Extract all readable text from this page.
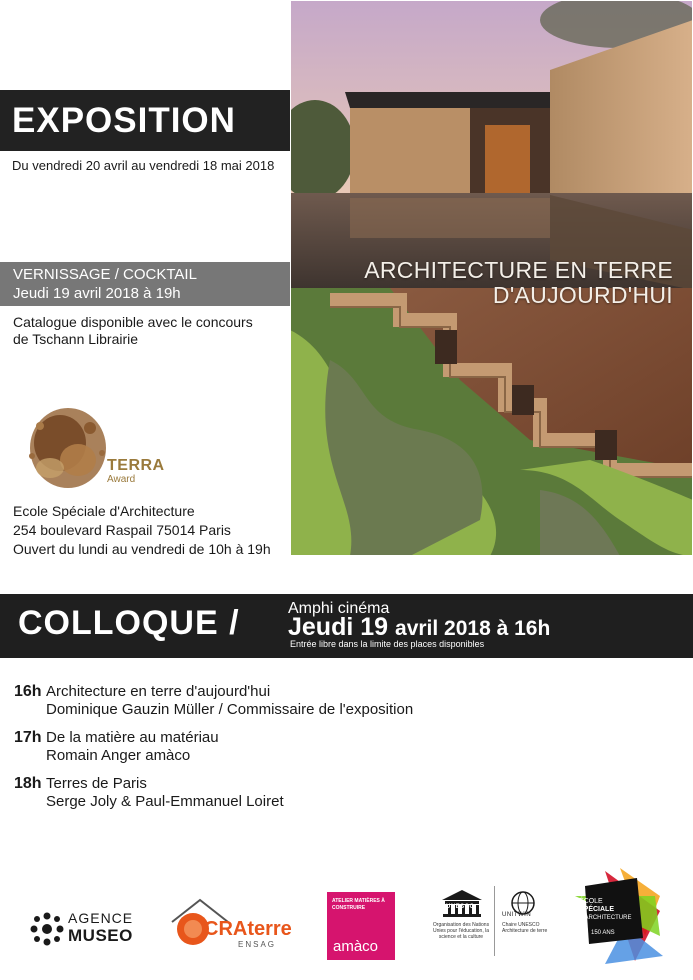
ARCHITECTURE EN TERRE
D'AUJOURD'HUI
EXPOSITION
Du vendredi 20 avril au vendredi 18 mai 2018
VERNISSAGE / COCKTAIL
Jeudi 19 avril 2018 à 19h
Catalogue disponible avec le concours
de Tschann Librairie
TERRA
Award
Ecole Spéciale d'Architecture
254 boulevard Raspail 75014 Paris
Ouvert du lundi au vendredi de 10h à 19h
COLLOQUE /	Amphi cinéma
Jeudi 19 avril 2018 à 16h
Entrée libre dans la limite des places disponibles
16h Architecture en terre d'aujourd'hui
Dominique Gauzin Müller / Commissaire de l'exposition
17h De la matière au matériau
Romain Anger amàco
18h Terres de Paris
Serge Joly & Paul-Emmanuel Loiret
AGENCE
MUSEO	CRAterre
ENSAG
ATELIER MATIÈRES À CONSTRUIRE
amàco
UNESCO
Organisation des Nations Unies pour l'éducation, la science et la culture
UNITWIN
Chaire UNESCO Architecture de terre
ÉCOLE
SPÉCIALE
D'ARCHITECTURE
150 ANS
